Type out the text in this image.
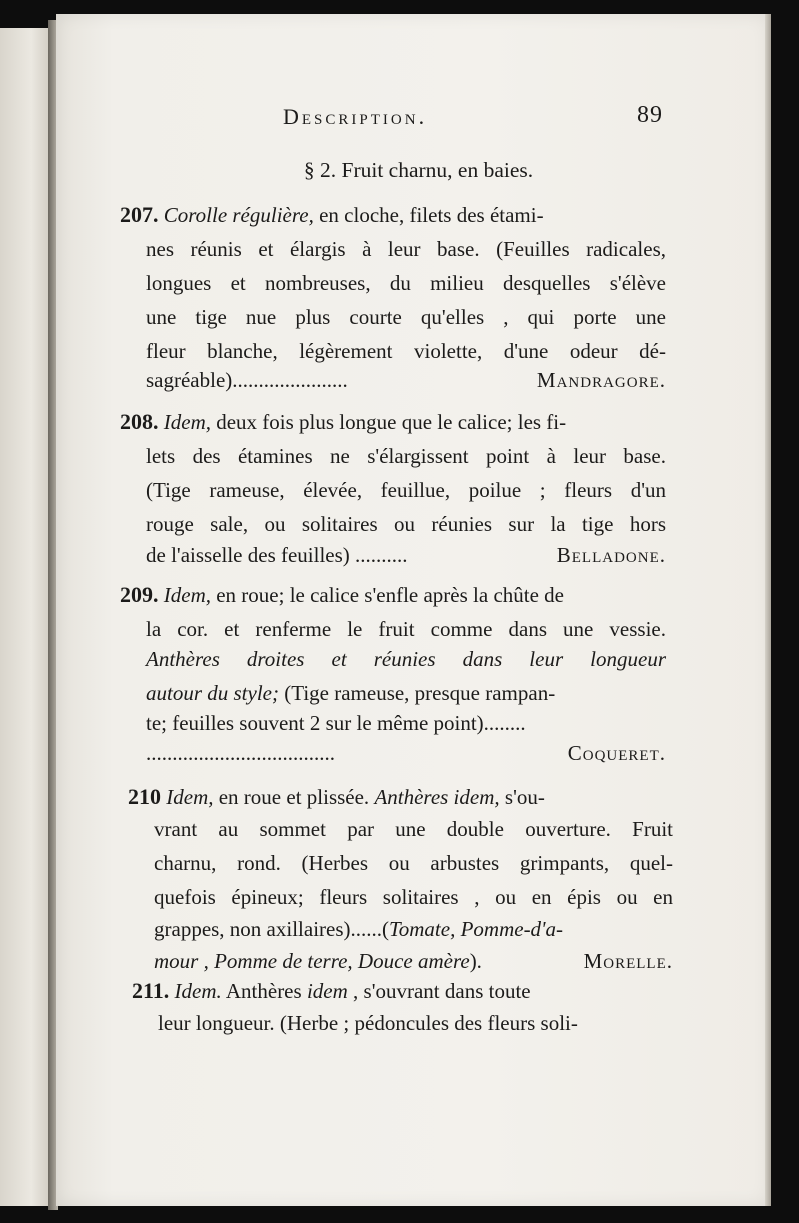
Description.	89
§ 2. Fruit charnu, en baies.
207. Corolle régulière, en cloche, filets des étami-
nes réunis et élargis à leur base. (Feuilles radicales,
longues et nombreuses, du milieu desquelles s'élève
une tige nue plus courte qu'elles , qui porte une
fleur blanche, légèrement violette, d'une odeur dé-
sagréable)......................	Mandragore.
208. Idem, deux fois plus longue que le calice; les fi-
lets des étamines ne s'élargissent point à leur base.
(Tige rameuse, élevée, feuillue, poilue ; fleurs d'un
rouge sale, ou solitaires ou réunies sur la tige hors
de l'aisselle des feuilles) ..........	Belladone.
209. Idem, en roue; le calice s'enfle après la chûte de
la cor. et renferme le fruit comme dans une vessie.
Anthères droites et réunies dans leur longueur
autour du style; (Tige rameuse, presque rampan-
te; feuilles souvent 2 sur le même point)........
....................................	Coqueret.
210 Idem, en roue et plissée. Anthères idem, s'ou-
vrant au sommet par une double ouverture. Fruit
charnu, rond. (Herbes ou arbustes grimpants, quel-
quefois épineux; fleurs solitaires , ou en épis ou en
grappes, non axillaires)......(Tomate, Pomme-d'a-
mour , Pomme de terre, Douce amère).	Morelle.
211. Idem. Anthères idem , s'ouvrant dans toute
leur longueur. (Herbe ; pédoncules des fleurs soli-
